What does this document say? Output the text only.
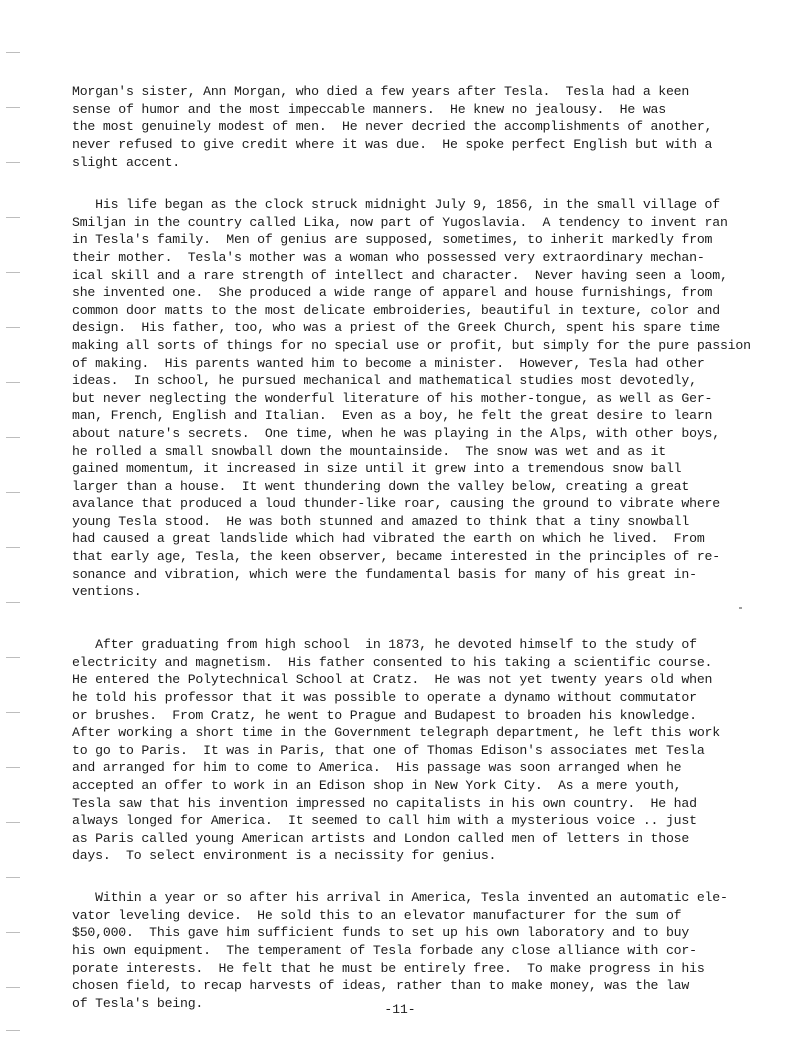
Morgan's sister, Ann Morgan, who died a few years after Tesla.  Tesla had a keen
sense of humor and the most impeccable manners.  He knew no jealousy.  He was
the most genuinely modest of men.  He never decried the accomplishments of another,
never refused to give credit where it was due.  He spoke perfect English but with a
slight accent.

His life began as the clock struck midnight July 9, 1856, in the small village of
Smiljan in the country called Lika, now part of Yugoslavia.  A tendency to invent ran
in Tesla's family.  Men of genius are supposed, sometimes, to inherit markedly from
their mother.  Tesla's mother was a woman who possessed very extraordinary mechan-
ical skill and a rare strength of intellect and character.  Never having seen a loom,
she invented one.  She produced a wide range of apparel and house furnishings, from
common door matts to the most delicate embroideries, beautiful in texture, color and
design.  His father, too, who was a priest of the Greek Church, spent his spare time
making all sorts of things for no special use or profit, but simply for the pure passion
of making.  His parents wanted him to become a minister.  However, Tesla had other
ideas.  In school, he pursued mechanical and mathematical studies most devotedly,
but never neglecting the wonderful literature of his mother-tongue, as well as Ger-
man, French, English and Italian.  Even as a boy, he felt the great desire to learn
about nature's secrets.  One time, when he was playing in the Alps, with other boys,
he rolled a small snowball down the mountainside.  The snow was wet and as it
gained momentum, it increased in size until it grew into a tremendous snow ball
larger than a house.  It went thundering down the valley below, creating a great
avalance that produced a loud thunder-like roar, causing the ground to vibrate where
young Tesla stood.  He was both stunned and amazed to think that a tiny snowball
had caused a great landslide which had vibrated the earth on which he lived.  From
that early age, Tesla, the keen observer, became interested in the principles of re-
sonance and vibration, which were the fundamental basis for many of his great in-
ventions.

After graduating from high school  in 1873, he devoted himself to the study of
electricity and magnetism.  His father consented to his taking a scientific course.
He entered the Polytechnical School at Cratz.  He was not yet twenty years old when
he told his professor that it was possible to operate a dynamo without commutator
or brushes.  From Cratz, he went to Prague and Budapest to broaden his knowledge.
After working a short time in the Government telegraph department, he left this work
to go to Paris.  It was in Paris, that one of Thomas Edison's associates met Tesla
and arranged for him to come to America.  His passage was soon arranged when he
accepted an offer to work in an Edison shop in New York City.  As a mere youth,
Tesla saw that his invention impressed no capitalists in his own country.  He had
always longed for America.  It seemed to call him with a mysterious voice .. just
as Paris called young American artists and London called men of letters in those
days.  To select environment is a necissity for genius.

Within a year or so after his arrival in America, Tesla invented an automatic ele-
vator leveling device.  He sold this to an elevator manufacturer for the sum of
$50,000.  This gave him sufficient funds to set up his own laboratory and to buy
his own equipment.  The temperament of Tesla forbade any close alliance with cor-
porate interests.  He felt that he must be entirely free.  To make progress in his
chosen field, to recap harvests of ideas, rather than to make money, was the law
of Tesla's being.

	-11-
